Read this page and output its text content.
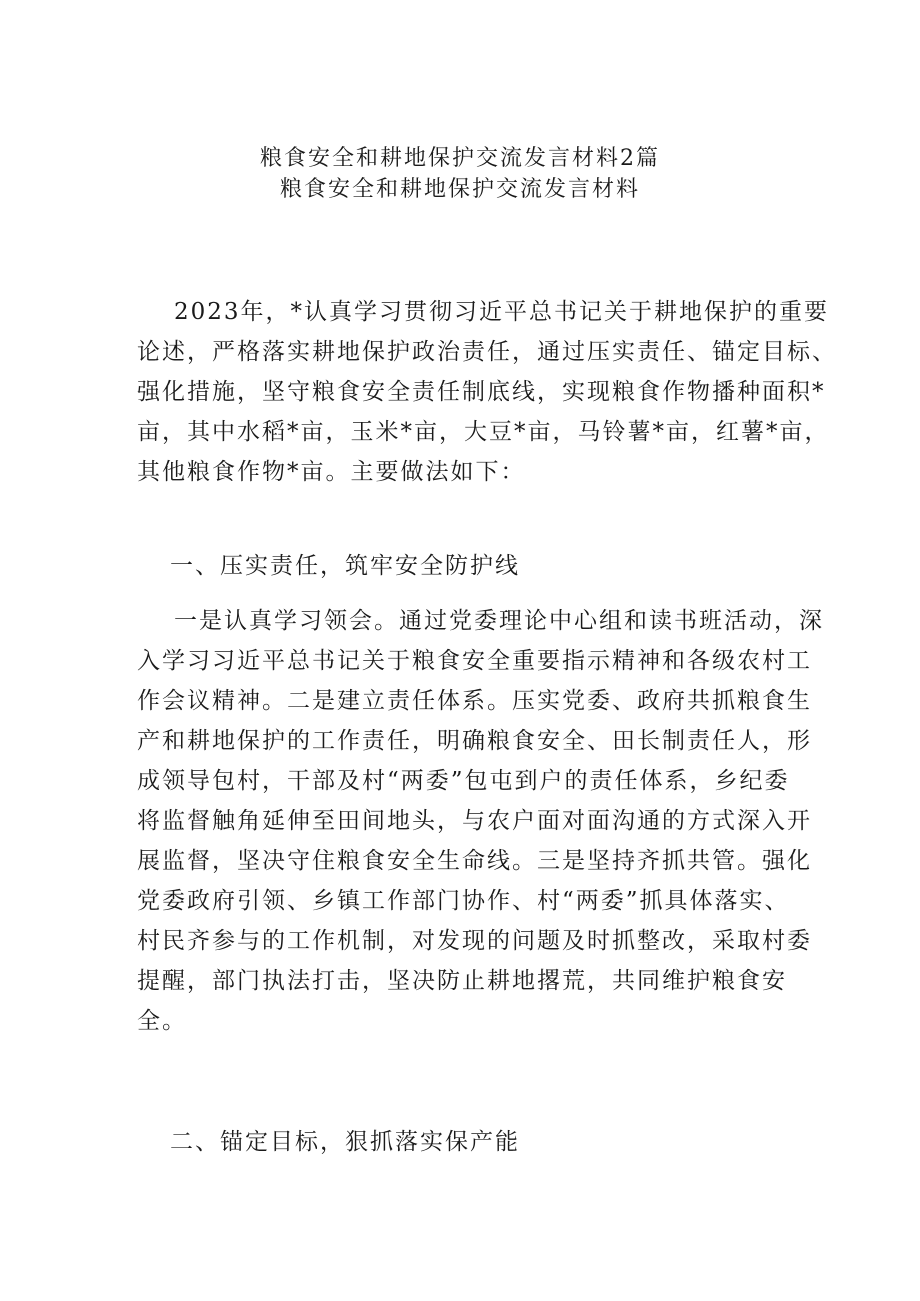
粮食安全和耕地保护交流发言材料2篇
粮食安全和耕地保护交流发言材料
2023年，*认真学习贯彻习近平总书记关于耕地保护的重要
论述，严格落实耕地保护政治责任，通过压实责任、锚定目标、
强化措施，坚守粮食安全责任制底线，实现粮食作物播种面积*
亩，其中水稻*亩，玉米*亩，大豆*亩，马铃薯*亩，红薯*亩，
其他粮食作物*亩。主要做法如下：
一、压实责任，筑牢安全防护线
一是认真学习领会。通过党委理论中心组和读书班活动，深
入学习习近平总书记关于粮食安全重要指示精神和各级农村工
作会议精神。二是建立责任体系。压实党委、政府共抓粮食生
产和耕地保护的工作责任，明确粮食安全、田长制责任人，形
成领导包村，干部及村“两委”包屯到户的责任体系，乡纪委
将监督触角延伸至田间地头，与农户面对面沟通的方式深入开
展监督，坚决守住粮食安全生命线。三是坚持齐抓共管。强化
党委政府引领、乡镇工作部门协作、村“两委”抓具体落实、
村民齐参与的工作机制，对发现的问题及时抓整改，采取村委
提醒，部门执法打击，坚决防止耕地撂荒，共同维护粮食安
全。
二、锚定目标，狠抓落实保产能
